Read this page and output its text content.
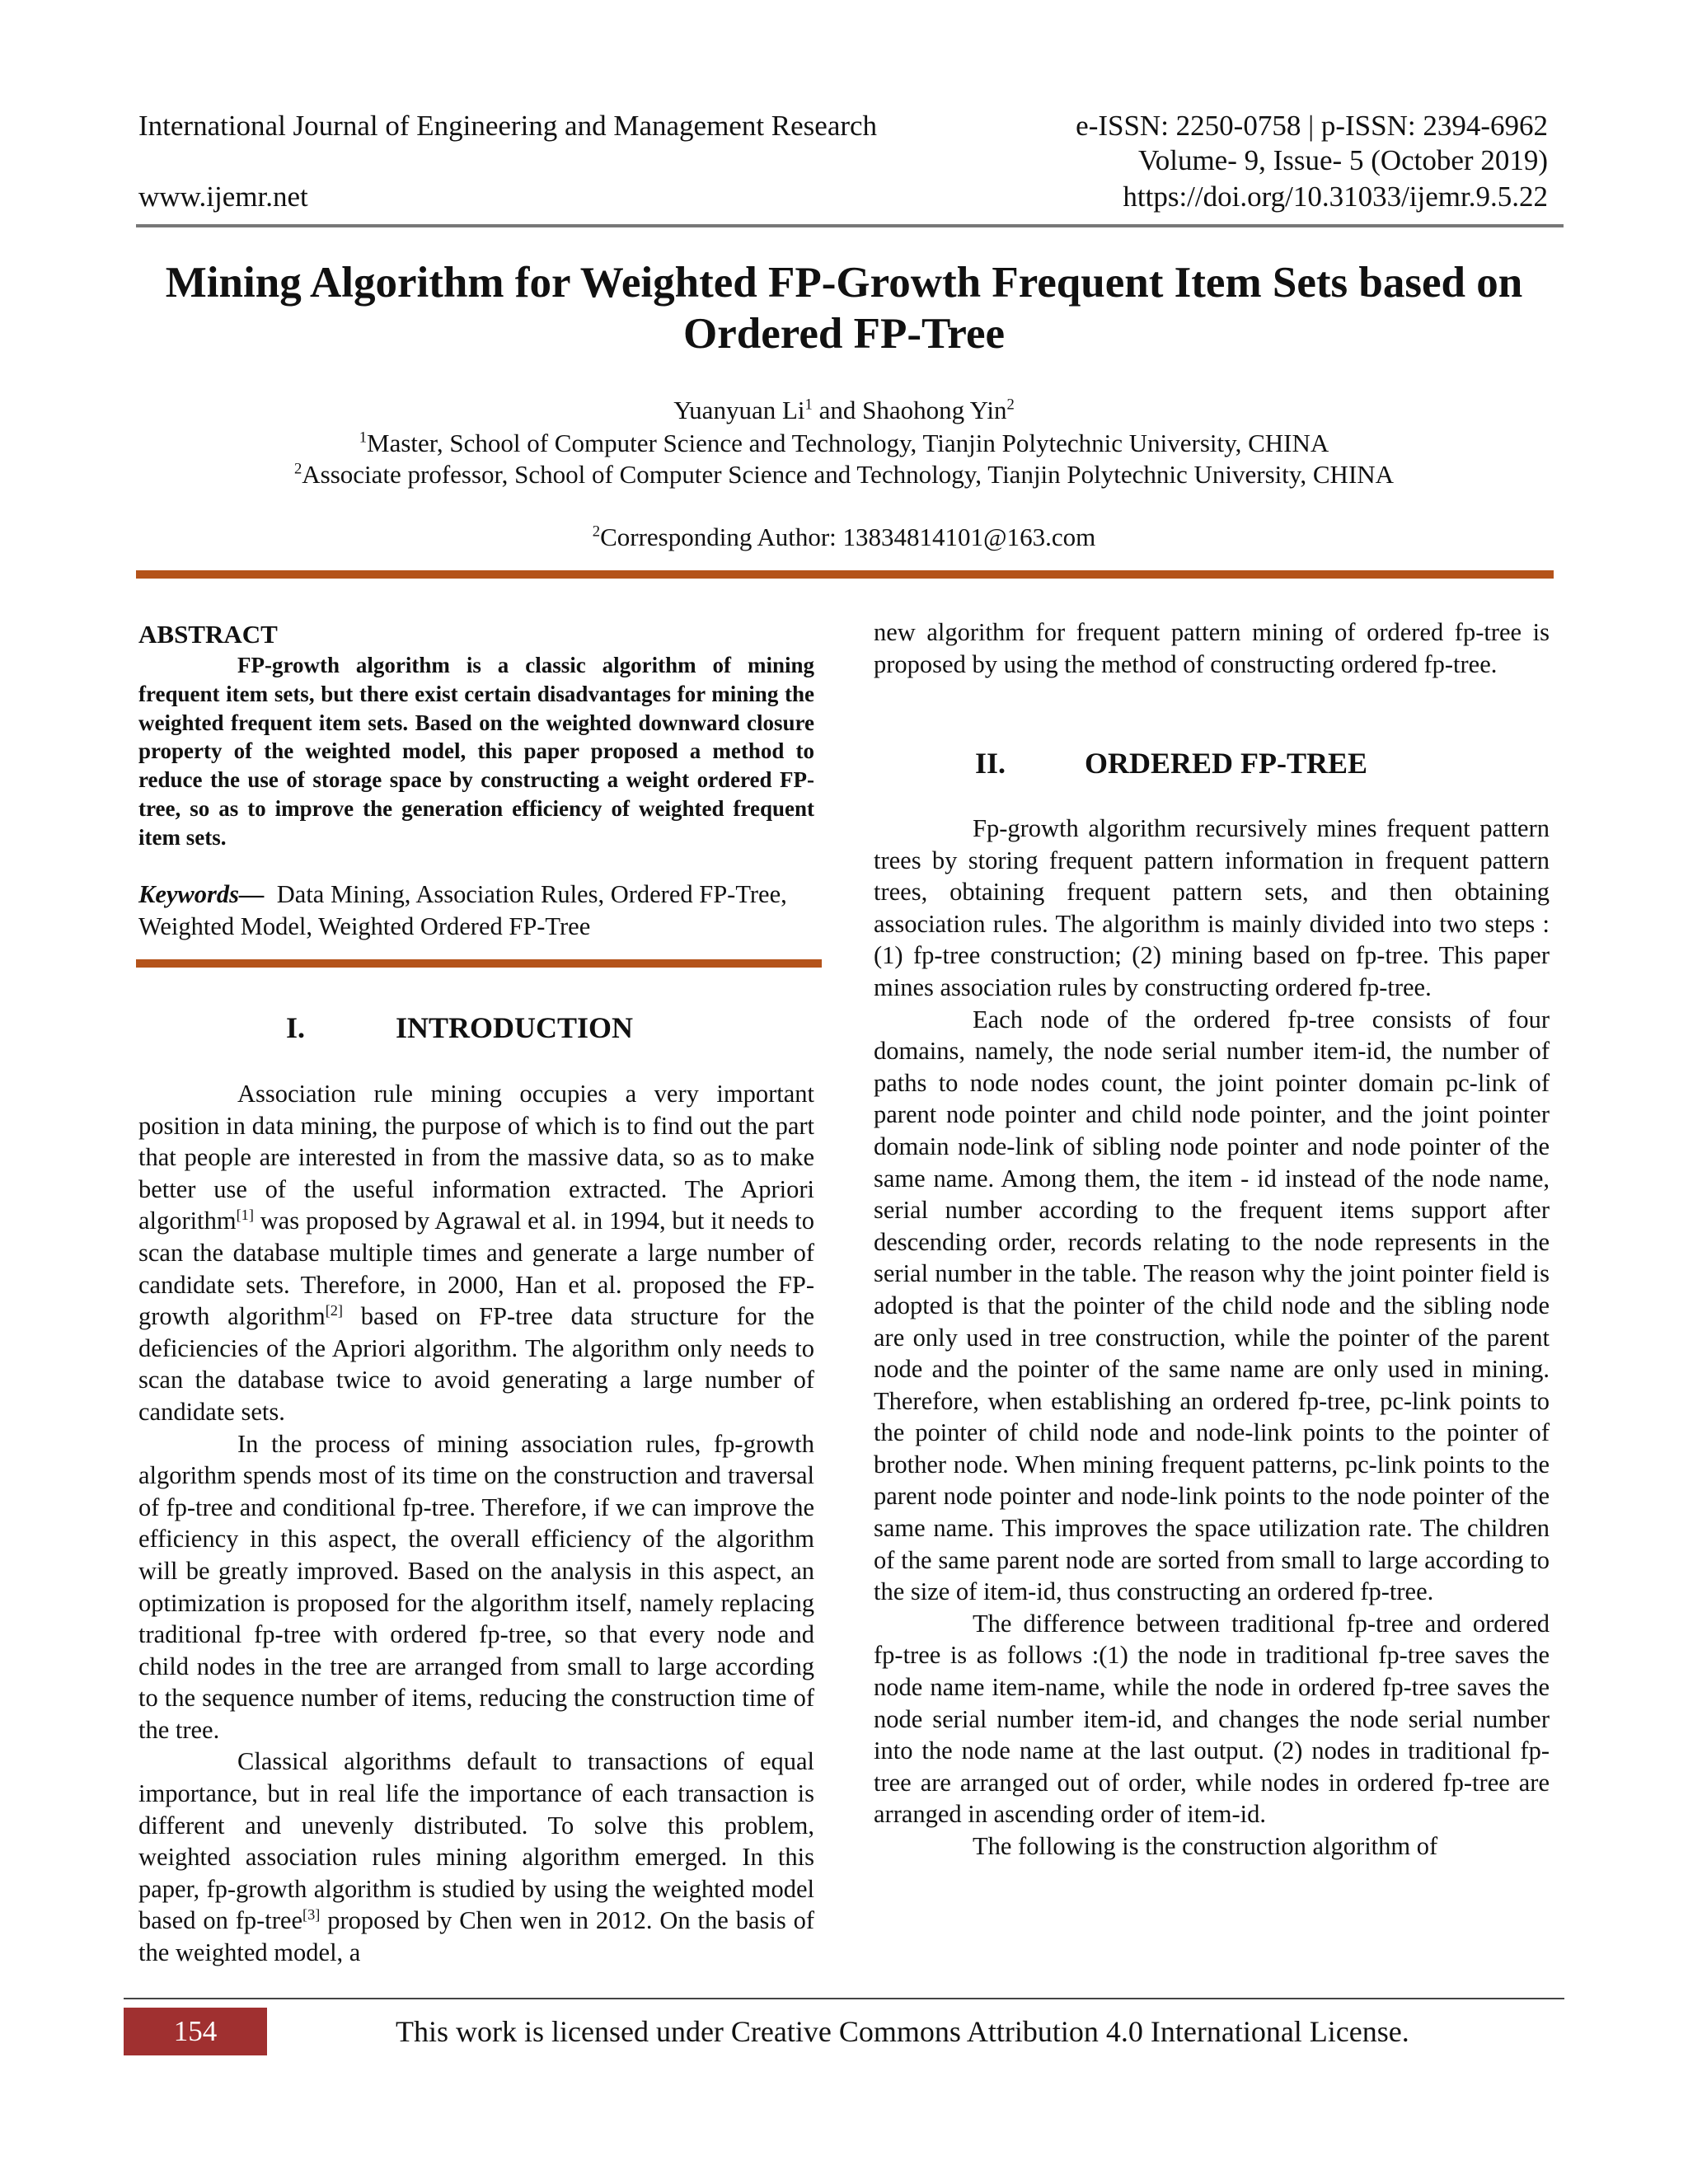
International Journal of Engineering and Management Research
www.ijemr.net
e-ISSN: 2250-0758 | p-ISSN: 2394-6962
Volume- 9, Issue- 5 (October 2019)
https://doi.org/10.31033/ijemr.9.5.22
Mining Algorithm for Weighted FP-Growth Frequent Item Sets based on Ordered FP-Tree
Yuanyuan Li$^1$ and Shaohong Yin$^2$
$^1$Master, School of Computer Science and Technology, Tianjin Polytechnic University, CHINA
$^2$Associate professor, School of Computer Science and Technology, Tianjin Polytechnic University, CHINA
$^2$Corresponding Author: 13834814101@163.com
ABSTRACT

FP-growth algorithm is a classic algorithm of mining frequent item sets, but there exist certain disadvantages for mining the weighted frequent item sets. Based on the weighted downward closure property of the weighted model, this paper proposed a method to reduce the use of storage space by constructing a weight ordered FP-tree, so as to improve the generation efficiency of weighted frequent item sets.

Keywords—  Data Mining, Association Rules, Ordered FP-Tree, Weighted Model, Weighted Ordered FP-Tree

I.	INTRODUCTION

Association rule mining occupies a very important position in data mining, the purpose of which is to find out the part that people are interested in from the massive data, so as to make better use of the useful information extracted. The Apriori algorithm[1] was proposed by Agrawal et al. in 1994, but it needs to scan the database multiple times and generate a large number of candidate sets. Therefore, in 2000, Han et al. proposed the FP-growth algorithm[2] based on FP-tree data structure for the deficiencies of the Apriori algorithm. The algorithm only needs to scan the database twice to avoid generating a large number of candidate sets.

In the process of mining association rules, fp-growth algorithm spends most of its time on the construction and traversal of fp-tree and conditional fp-tree. Therefore, if we can improve the efficiency in this aspect, the overall efficiency of the algorithm will be greatly improved. Based on the analysis in this aspect, an optimization is proposed for the algorithm itself, namely replacing traditional fp-tree with ordered fp-tree, so that every node and child nodes in the tree are arranged from small to large according to the sequence number of items, reducing the construction time of the tree.

Classical algorithms default to transactions of equal importance, but in real life the importance of each transaction is different and unevenly distributed. To solve this problem, weighted association rules mining algorithm emerged. In this paper, fp-growth algorithm is studied by using the weighted model based on fp-tree[3] proposed by Chen wen in 2012. On the basis of the weighted model, a

new algorithm for frequent pattern mining of ordered fp-tree is proposed by using the method of constructing ordered fp-tree.

II.	ORDERED FP-TREE

Fp-growth algorithm recursively mines frequent pattern trees by storing frequent pattern information in frequent pattern trees, obtaining frequent pattern sets, and then obtaining association rules. The algorithm is mainly divided into two steps :(1) fp-tree construction; (2) mining based on fp-tree. This paper mines association rules by constructing ordered fp-tree.

Each node of the ordered fp-tree consists of four domains, namely, the node serial number item-id, the number of paths to node nodes count, the joint pointer domain pc-link of parent node pointer and child node pointer, and the joint pointer domain node-link of sibling node pointer and node pointer of the same name. Among them, the item - id instead of the node name, serial number according to the frequent items support after descending order, records relating to the node represents in the serial number in the table. The reason why the joint pointer field is adopted is that the pointer of the child node and the sibling node are only used in tree construction, while the pointer of the parent node and the pointer of the same name are only used in mining. Therefore, when establishing an ordered fp-tree, pc-link points to the pointer of child node and node-link points to the pointer of brother node. When mining frequent patterns, pc-link points to the parent node pointer and node-link points to the node pointer of the same name. This improves the space utilization rate. The children of the same parent node are sorted from small to large according to the size of item-id, thus constructing an ordered fp-tree.

The difference between traditional fp-tree and ordered fp-tree is as follows :(1) the node in traditional fp-tree saves the node name item-name, while the node in ordered fp-tree saves the node serial number item-id, and changes the node serial number into the node name at the last output. (2) nodes in traditional fp-tree are arranged out of order, while nodes in ordered fp-tree are arranged in ascending order of item-id.

The following is the construction algorithm of

154	This work is licensed under Creative Commons Attribution 4.0 International License.
